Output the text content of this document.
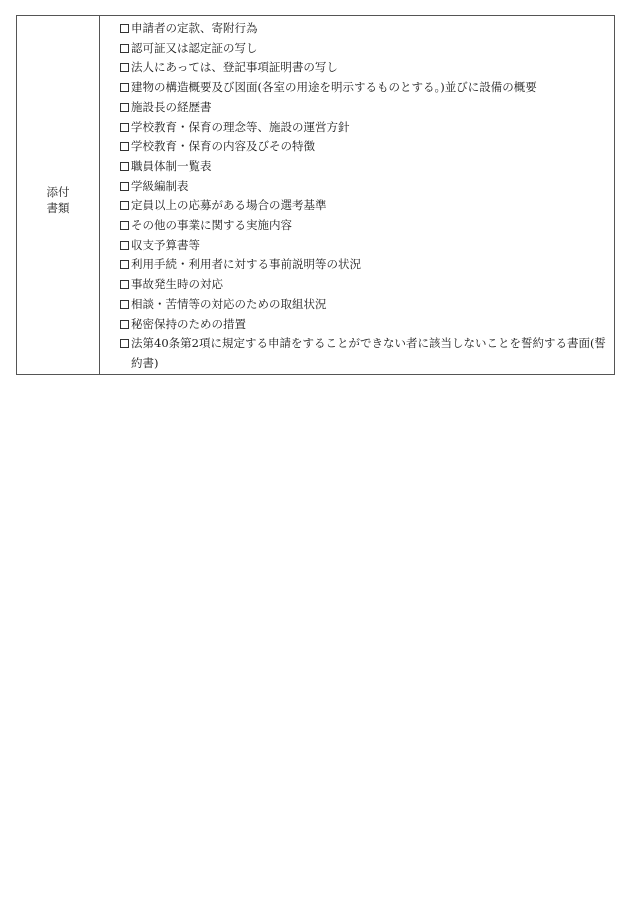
添付
書類
申請者の定款、寄附行為
認可証又は認定証の写し
法人にあっては、登記事項証明書の写し
建物の構造概要及び図面(各室の用途を明示するものとする。)並びに設備の概要
施設長の経歴書
学校教育・保育の理念等、施設の運営方針
学校教育・保育の内容及びその特徴
職員体制一覧表
学級編制表
定員以上の応募がある場合の選考基準
その他の事業に関する実施内容
収支予算書等
利用手続・利用者に対する事前説明等の状況
事故発生時の対応
相談・苦情等の対応のための取組状況
秘密保持のための措置
法第40条第2項に規定する申請をすることができない者に該当しないことを誓約する書面(誓約書)
